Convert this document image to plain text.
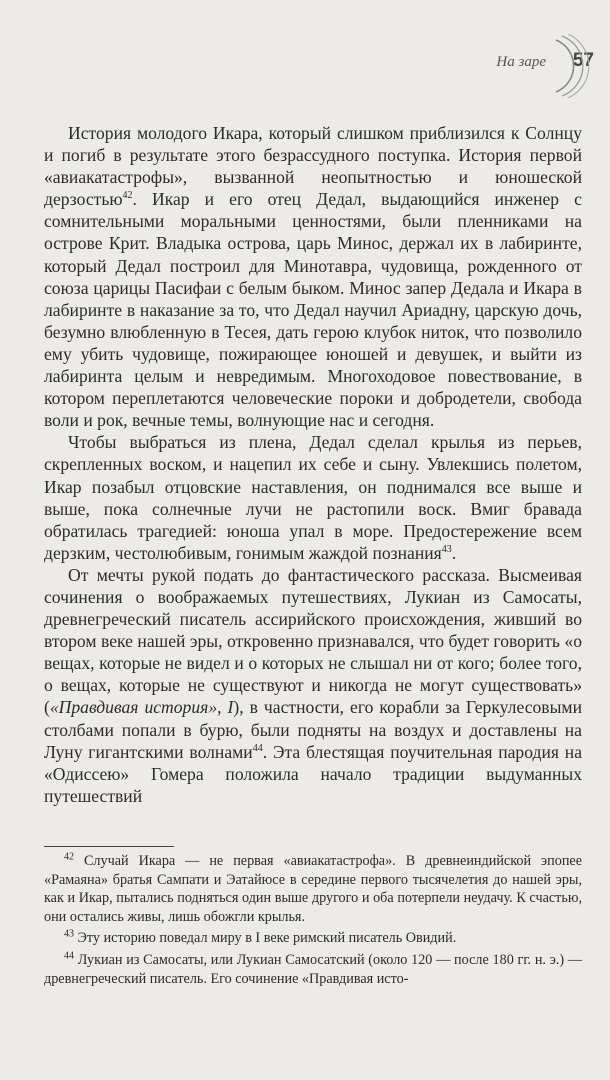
На заре 57

История молодого Икара, который слишком приблизился к Солнцу и погиб в результате этого безрассудного поступка. История первой «авиакатастрофы», вызванной неопытностью и юношеской дерзостью$^{42}$. Икар и его отец Дедал, выдающийся инженер с сомнительными моральными ценностями, были пленниками на острове Крит. Владыка острова, царь Минос, держал их в лабиринте, который Дедал построил для Минотавра, чудовища, рожденного от союза царицы Пасифаи с белым быком. Минос запер Дедала и Икара в лабиринте в наказание за то, что Дедал научил Ариадну, царскую дочь, безумно влюбленную в Тесея, дать герою клубок ниток, что позволило ему убить чудовище, пожирающее юношей и девушек, и выйти из лабиринта целым и невредимым. Многоходовое повествование, в котором переплетаются человеческие пороки и добродетели, свобода воли и рок, вечные темы, волнующие нас и сегодня.

Чтобы выбраться из плена, Дедал сделал крылья из перьев, скрепленных воском, и нацепил их себе и сыну. Увлекшись полетом, Икар позабыл отцовские наставления, он поднимался все выше и выше, пока солнечные лучи не растопили воск. Вмиг бравада обратилась трагедией: юноша упал в море. Предостережение всем дерзким, честолюбивым, гонимым жаждой познания$^{43}$.

От мечты рукой подать до фантастического рассказа. Высмеивая сочинения о воображаемых путешествиях, Лукиан из Самосаты, древнегреческий писатель ассирийского происхождения, живший во втором веке нашей эры, откровенно признавался, что будет говорить «о вещах, которые не видел и о которых не слышал ни от кого; более того, о вещах, которые не существуют и никогда не могут существовать» («Правдивая история», I), в частности, его корабли за Геркулесовыми столбами попали в бурю, были подняты на воздух и доставлены на Луну гигантскими волнами$^{44}$. Эта блестящая поучительная пародия на «Одиссею» Гомера положила начало традиции выдуманных путешествий

$^{42}$ Случай Икара — не первая «авиакатастрофа». В древнеиндийской эпопее «Рамаяна» братья Сампати и Эатайюсе в середине первого тысячелетия до нашей эры, как и Икар, пытались подняться один выше другого и оба потерпели неудачу. К счастью, они остались живы, лишь обожгли крылья.

$^{43}$ Эту историю поведал миру в I веке римский писатель Овидий.

$^{44}$ Лукиан из Самосаты, или Лукиан Самосатский (около 120 — после 180 гг. н. э.) — древнегреческий писатель. Его сочинение «Правдивая исто-
